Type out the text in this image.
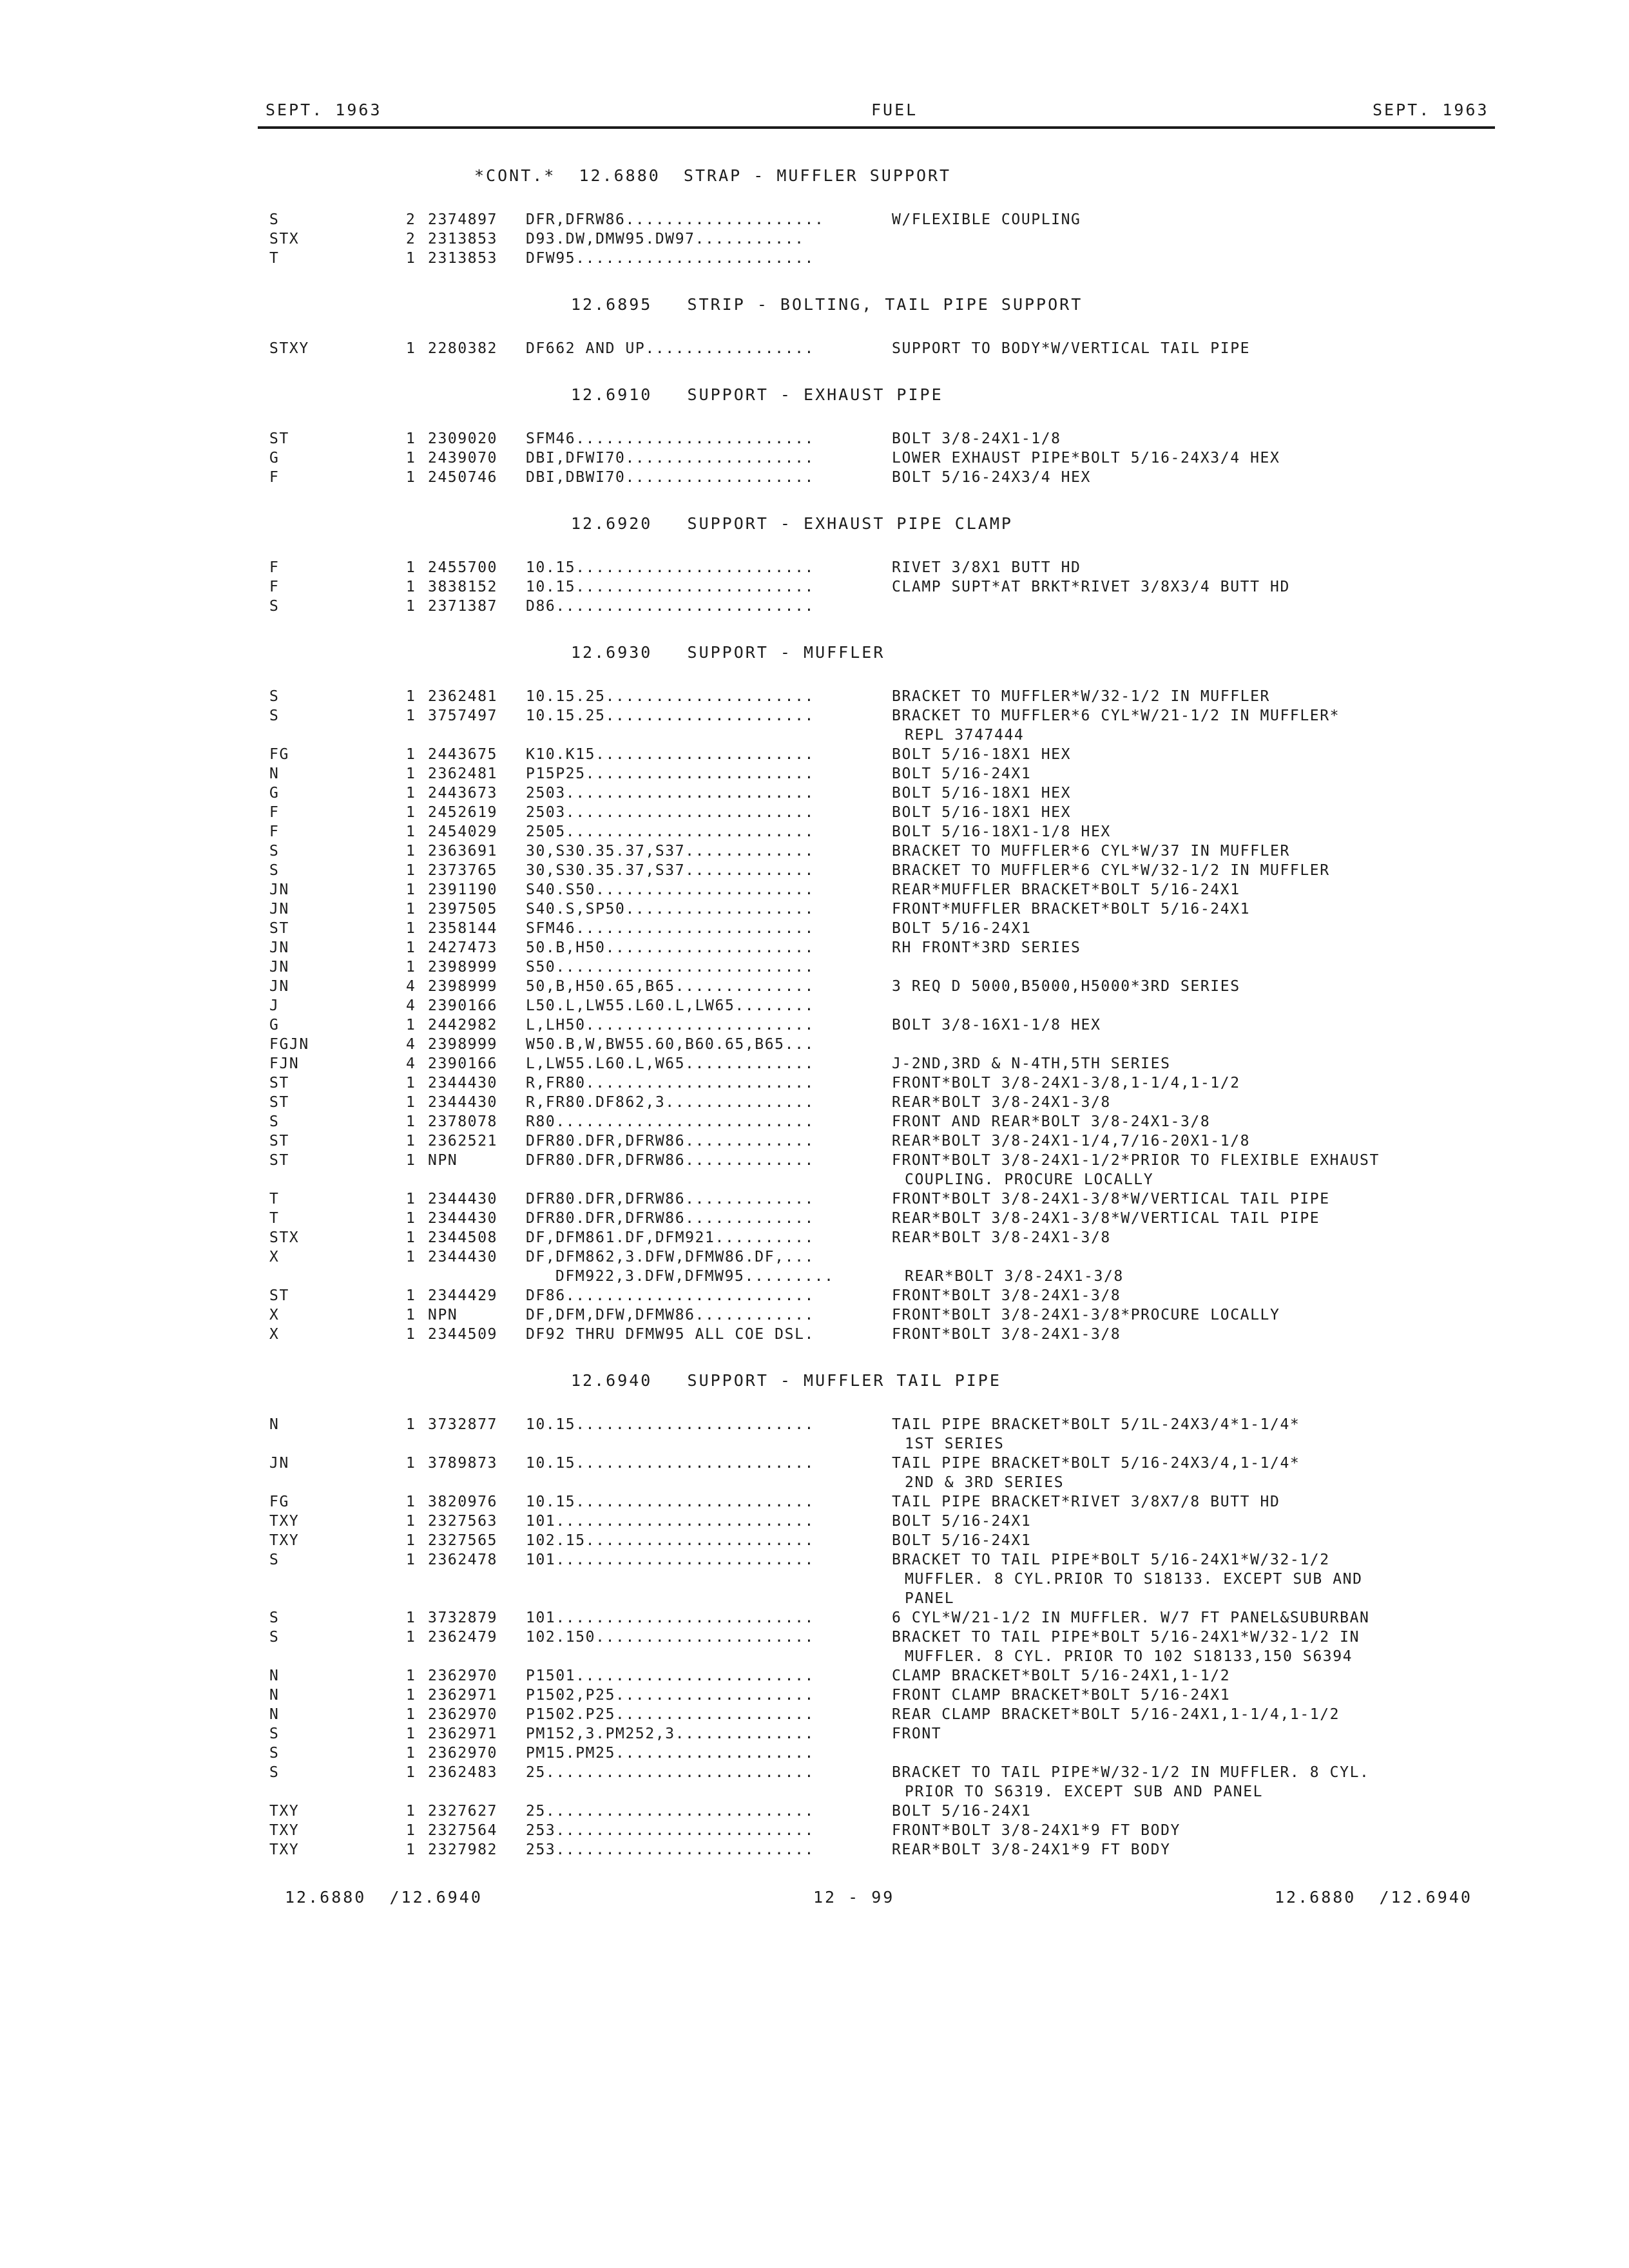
SEPT. 1963	FUEL	SEPT. 1963
*CONT.*  12.6880  STRAP - MUFFLER SUPPORT
S	2 2374897 DFR,DFRW86....................	W/FLEXIBLE COUPLING
STX	2 2313853 D93.DW,DMW95.DW97...........
T	1 2313853 DFW95........................
12.6895   STRIP - BOLTING, TAIL PIPE SUPPORT
STXY	1 2280382 DF662 AND UP.................	SUPPORT TO BODY*W/VERTICAL TAIL PIPE
12.6910   SUPPORT - EXHAUST PIPE
ST	1 2309020 SFM46........................	BOLT 3/8-24X1-1/8
G	1 2439070 DBI,DFWI70...................	LOWER EXHAUST PIPE*BOLT 5/16-24X3/4 HEX
F	1 2450746 DBI,DBWI70...................	BOLT 5/16-24X3/4 HEX
12.6920   SUPPORT - EXHAUST PIPE CLAMP
F	1 2455700 10.15........................	RIVET 3/8X1 BUTT HD
F	1 3838152 10.15........................	CLAMP SUPT*AT BRKT*RIVET 3/8X3/4 BUTT HD
S	1 2371387 D86..........................
12.6930   SUPPORT - MUFFLER
S	1 2362481 10.15.25.....................	BRACKET TO MUFFLER*W/32-1/2 IN MUFFLER
S	1 3757497 10.15.25.....................	BRACKET TO MUFFLER*6 CYL*W/21-1/2 IN MUFFLER*
REPL 3747444
FG	1 2443675 K10.K15......................	BOLT 5/16-18X1 HEX
N	1 2362481 P15P25.......................	BOLT 5/16-24X1
G	1 2443673 2503.........................	BOLT 5/16-18X1 HEX
F	1 2452619 2503.........................	BOLT 5/16-18X1 HEX
F	1 2454029 2505.........................	BOLT 5/16-18X1-1/8 HEX
S	1 2363691 30,S30.35.37,S37.............	BRACKET TO MUFFLER*6 CYL*W/37 IN MUFFLER
S	1 2373765 30,S30.35.37,S37.............	BRACKET TO MUFFLER*6 CYL*W/32-1/2 IN MUFFLER
JN	1 2391190 S40.S50......................	REAR*MUFFLER BRACKET*BOLT 5/16-24X1
JN	1 2397505 S40.S,SP50...................	FRONT*MUFFLER BRACKET*BOLT 5/16-24X1
ST	1 2358144 SFM46........................	BOLT 5/16-24X1
JN	1 2427473 50.B,H50.....................	RH FRONT*3RD SERIES
JN	1 2398999 S50..........................
JN	4 2398999 50,B,H50.65,B65..............	3 REQ D 5000,B5000,H5000*3RD SERIES
J	4 2390166 L50.L,LW55.L60.L,LW65........
G	1 2442982 L,LH50.......................	BOLT 3/8-16X1-1/8 HEX
FGJN	4 2398999 W50.B,W,BW55.60,B60.65,B65...
FJN	4 2390166 L,LW55.L60.L,W65.............	J-2ND,3RD & N-4TH,5TH SERIES
ST	1 2344430 R,FR80.......................	FRONT*BOLT 3/8-24X1-3/8,1-1/4,1-1/2
ST	1 2344430 R,FR80.DF862,3...............	REAR*BOLT 3/8-24X1-3/8
S	1 2378078 R80..........................	FRONT AND REAR*BOLT 3/8-24X1-3/8
ST	1 2362521 DFR80.DFR,DFRW86.............	REAR*BOLT 3/8-24X1-1/4,7/16-20X1-1/8
ST	1 NPN	DFR80.DFR,DFRW86.............	FRONT*BOLT 3/8-24X1-1/2*PRIOR TO FLEXIBLE EXHAUST
COUPLING. PROCURE LOCALLY
T	1 2344430 DFR80.DFR,DFRW86.............	FRONT*BOLT 3/8-24X1-3/8*W/VERTICAL TAIL PIPE
T	1 2344430 DFR80.DFR,DFRW86.............	REAR*BOLT 3/8-24X1-3/8*W/VERTICAL TAIL PIPE
STX	1 2344508 DF,DFM861.DF,DFM921..........	REAR*BOLT 3/8-24X1-3/8
X	1 2344430 DF,DFM862,3.DFW,DFMW86.DF,...
DFM922,3.DFW,DFMW95.........	REAR*BOLT 3/8-24X1-3/8
ST	1 2344429 DF86.........................	FRONT*BOLT 3/8-24X1-3/8
X	1 NPN	DF,DFM,DFW,DFMW86............	FRONT*BOLT 3/8-24X1-3/8*PROCURE LOCALLY
X	1 2344509 DF92 THRU DFMW95 ALL COE DSL.	FRONT*BOLT 3/8-24X1-3/8
12.6940   SUPPORT - MUFFLER TAIL PIPE
N	1 3732877 10.15........................	TAIL PIPE BRACKET*BOLT 5/1L-24X3/4*1-1/4*
1ST SERIES
JN	1 3789873 10.15........................	TAIL PIPE BRACKET*BOLT 5/16-24X3/4,1-1/4*
2ND & 3RD SERIES
FG	1 3820976 10.15........................	TAIL PIPE BRACKET*RIVET 3/8X7/8 BUTT HD
TXY	1 2327563 101..........................	BOLT 5/16-24X1
TXY	1 2327565 102.15.......................	BOLT 5/16-24X1
S	1 2362478 101..........................	BRACKET TO TAIL PIPE*BOLT 5/16-24X1*W/32-1/2
MUFFLER. 8 CYL.PRIOR TO S18133. EXCEPT SUB AND
PANEL
S	1 3732879 101..........................	6 CYL*W/21-1/2 IN MUFFLER. W/7 FT PANEL&SUBURBAN
S	1 2362479 102.150......................	BRACKET TO TAIL PIPE*BOLT 5/16-24X1*W/32-1/2 IN
MUFFLER. 8 CYL. PRIOR TO 102 S18133,150 S6394
N	1 2362970 P1501........................	CLAMP BRACKET*BOLT 5/16-24X1,1-1/2
N	1 2362971 P1502,P25....................	FRONT CLAMP BRACKET*BOLT 5/16-24X1
N	1 2362970 P1502.P25....................	REAR CLAMP BRACKET*BOLT 5/16-24X1,1-1/4,1-1/2
S	1 2362971 PM152,3.PM252,3..............	FRONT
S	1 2362970 PM15.PM25....................
S	1 2362483 25...........................	BRACKET TO TAIL PIPE*W/32-1/2 IN MUFFLER. 8 CYL.
PRIOR TO S6319. EXCEPT SUB AND PANEL
TXY	1 2327627 25...........................	BOLT 5/16-24X1
TXY	1 2327564 253..........................	FRONT*BOLT 3/8-24X1*9 FT BODY
TXY	1 2327982 253..........................	REAR*BOLT 3/8-24X1*9 FT BODY
12.6880  /12.6940	12 - 99	12.6880  /12.6940
